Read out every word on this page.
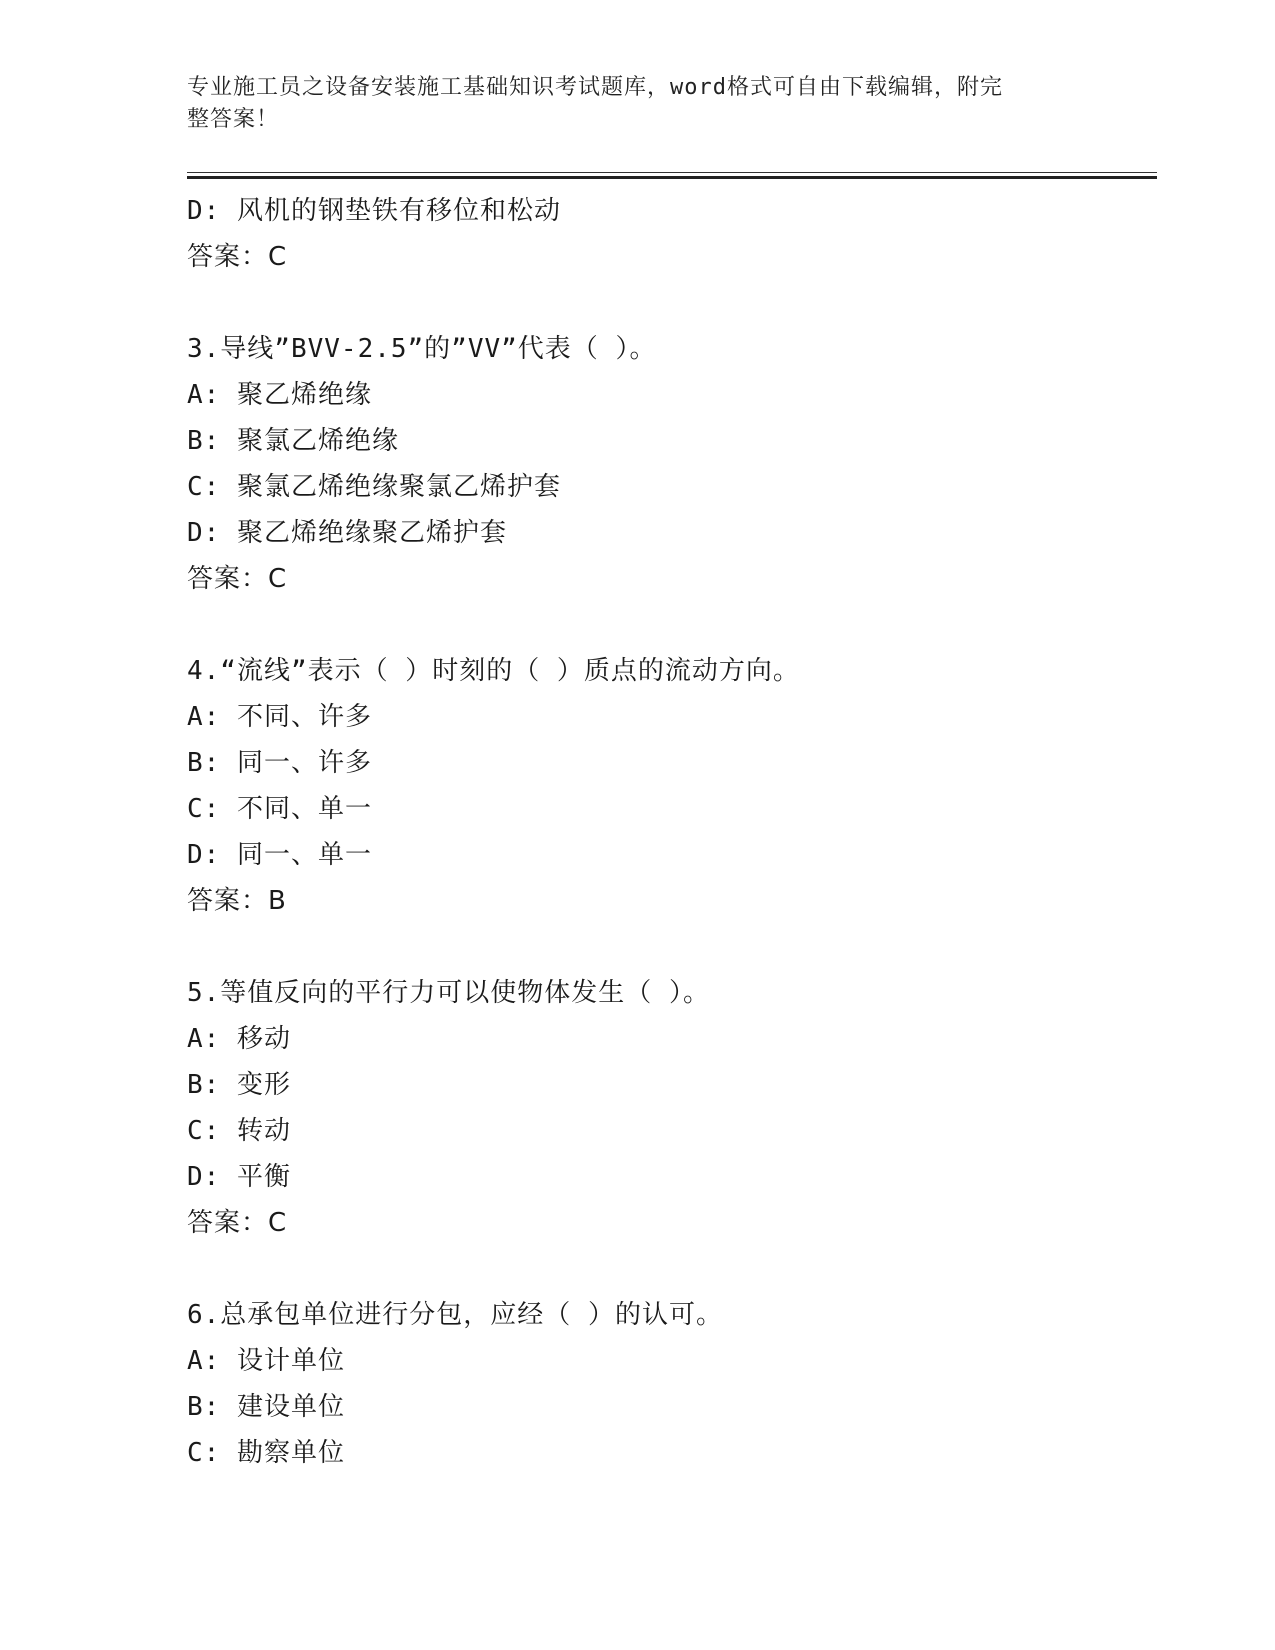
专业施工员之设备安装施工基础知识考试题库，word格式可自由下载编辑，附完
整答案！
D: 风机的钢垫铁有移位和松动
答案：C
3.导线”BVV-2.5”的”VV”代表（ ）。
A: 聚乙烯绝缘
B: 聚氯乙烯绝缘
C: 聚氯乙烯绝缘聚氯乙烯护套
D: 聚乙烯绝缘聚乙烯护套
答案：C
4.“流线”表示（ ）时刻的（ ）质点的流动方向。
A: 不同、许多
B: 同一、许多
C: 不同、单一
D: 同一、单一
答案：B
5.等值反向的平行力可以使物体发生（ ）。
A: 移动
B: 变形
C: 转动
D: 平衡
答案：C
6.总承包单位进行分包，应经（ ）的认可。
A: 设计单位
B: 建设单位
C: 勘察单位
